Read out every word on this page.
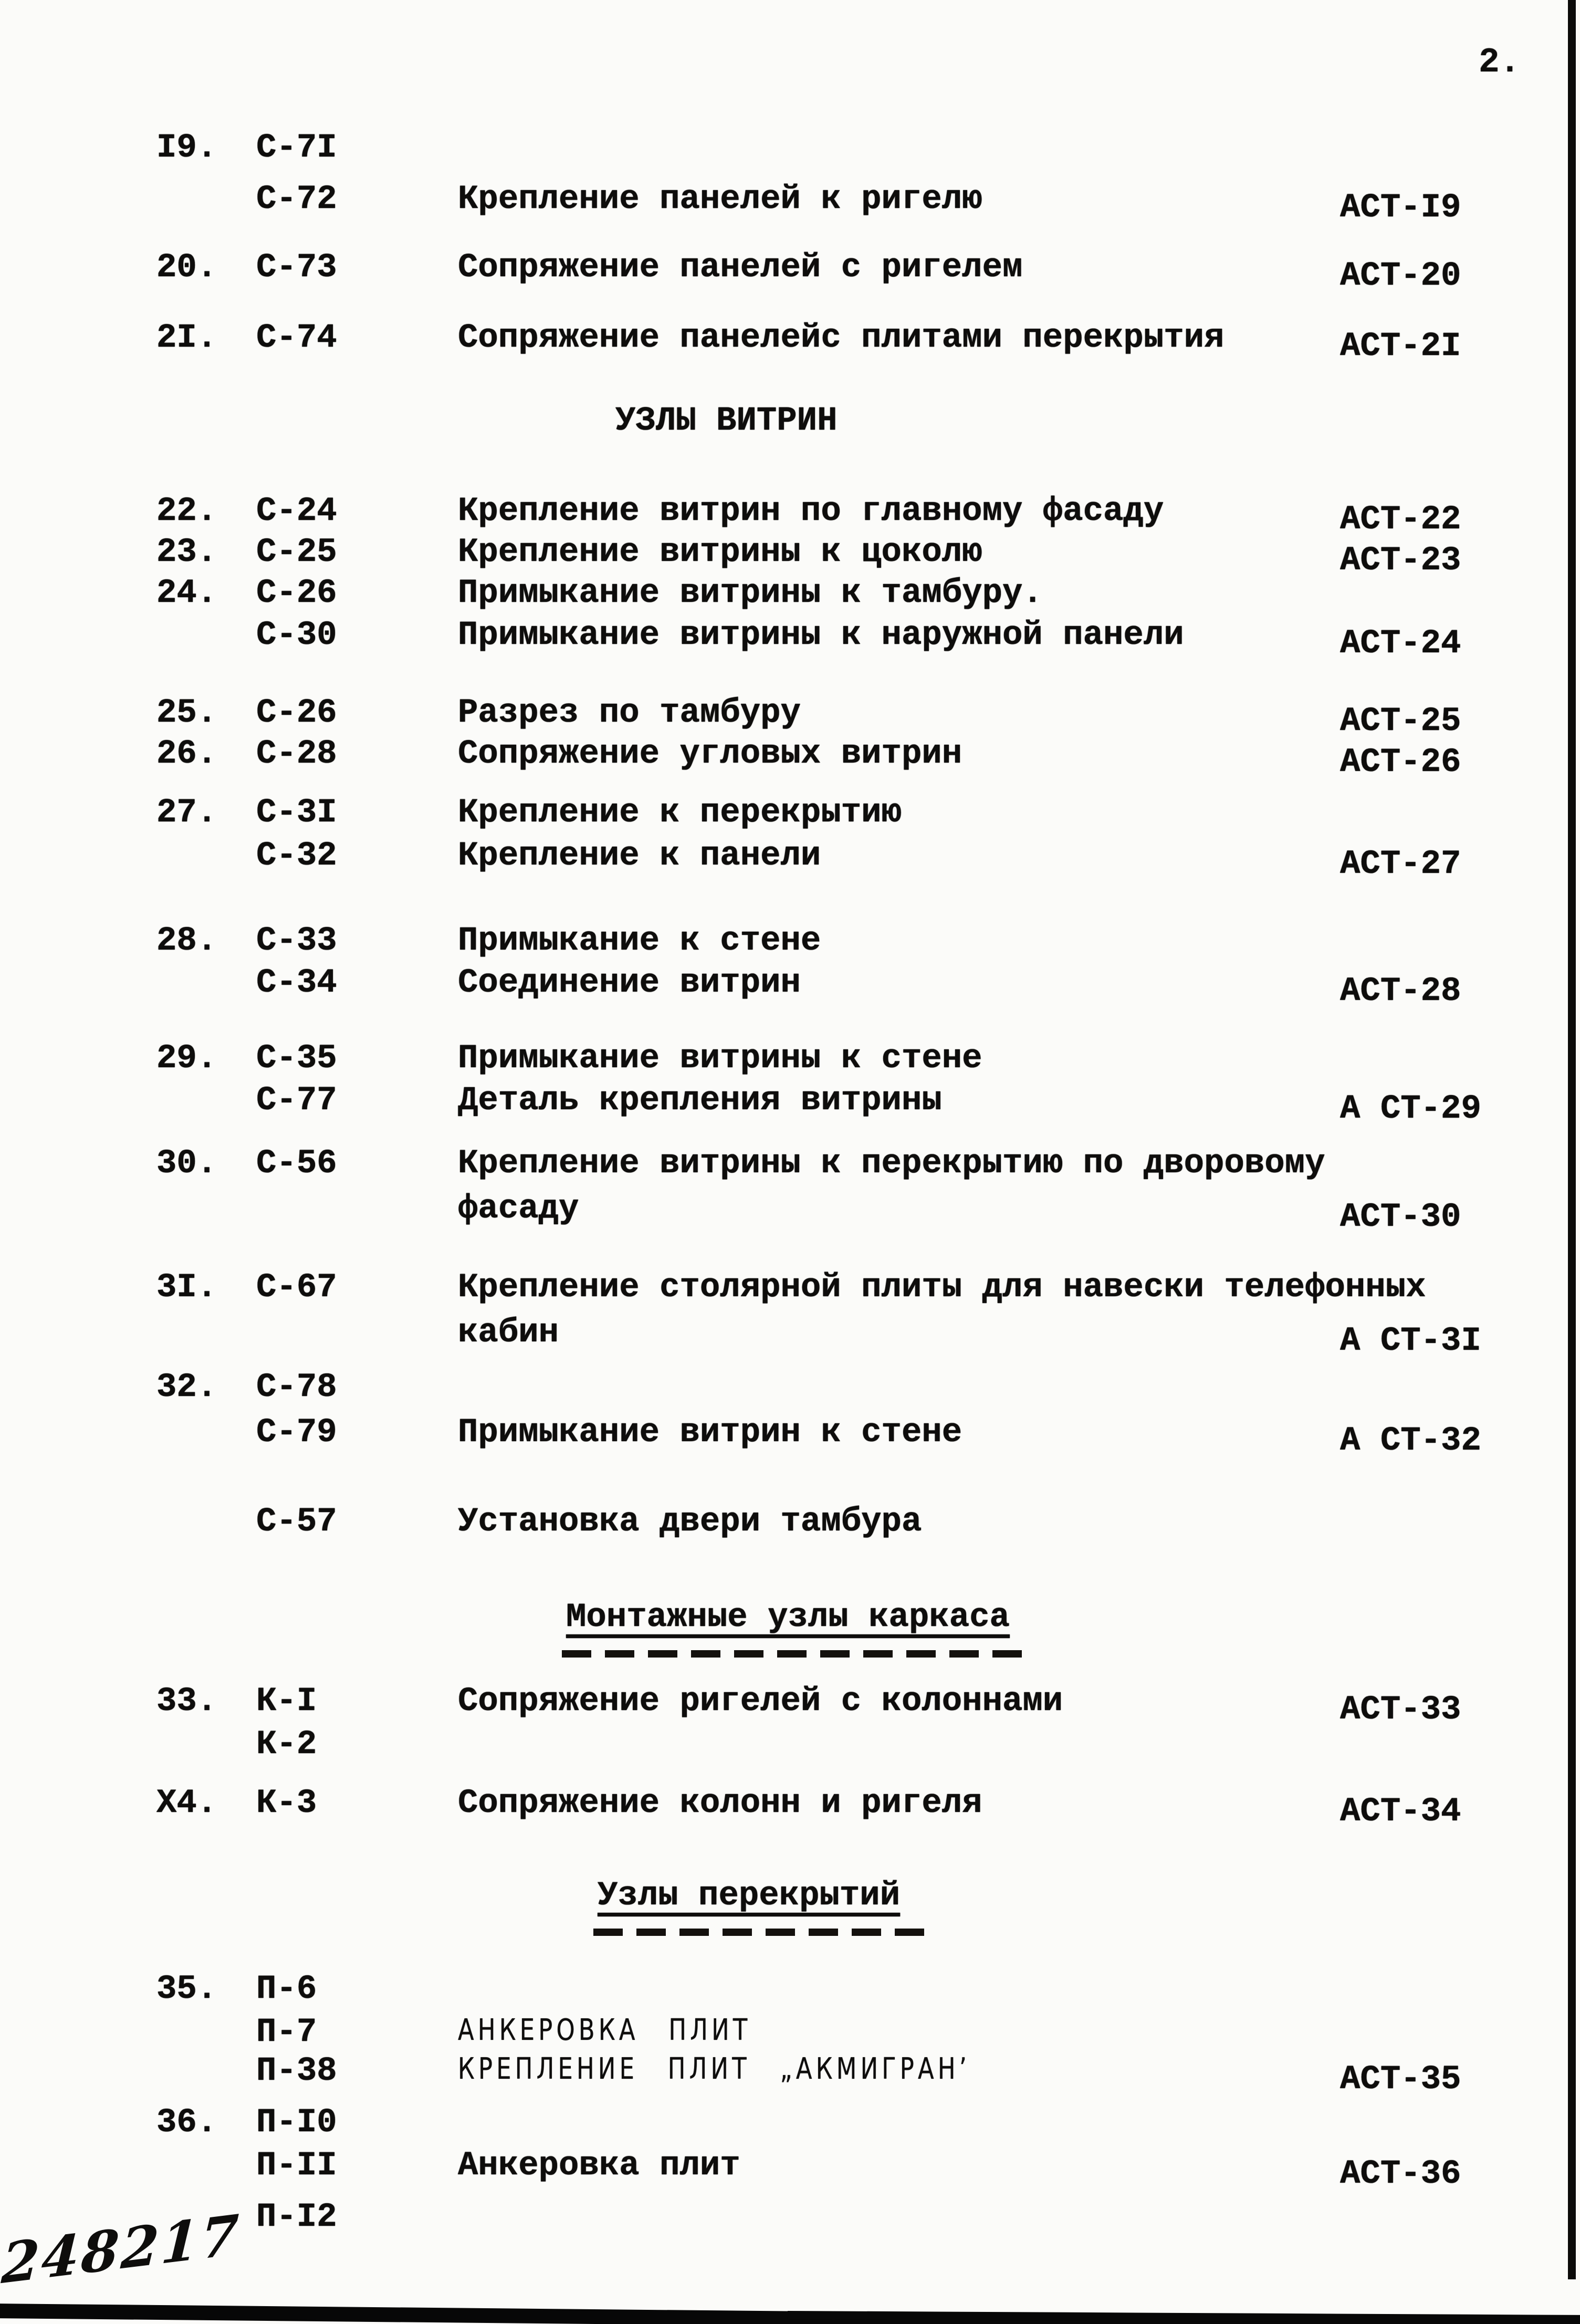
2.
I9. С-7I
С-72	Крепление панелей к ригелю	АСТ-I9
20. С-73	Сопряжение панелей с ригелем	АСТ-20
2I. С-74	Сопряжение панелейс плитами перекрытия	АСТ-2I
УЗЛЫ ВИТРИН
22. С-24	Крепление витрин по главному фасаду	АСТ-22
23. С-25	Крепление витрины к цоколю	АСТ-23
24. С-26	Примыкание витрины к тамбуру.
С-30	Примыкание витрины к наружной панели	АСТ-24
25. С-26	Разрез по тамбуру	АСТ-25
26. С-28	Сопряжение угловых витрин	АСТ-26
27. С-3I	Крепление к перекрытию
С-32	Крепление к панели	АСТ-27
28. С-33	Примыкание к стене
С-34	Соединение витрин	АСТ-28
29. С-35	Примыкание витрины к стене
С-77	Деталь крепления витрины	А СТ-29
30. С-56	Крепление витрины к перекрытию по дворовому
фасаду	АСТ-30
3I. С-67	Крепление столярной плиты для навески телефонных
кабин	А СТ-3I
32. С-78
С-79	Примыкание витрин к стене	А СТ-32
С-57	Установка двери тамбура
Монтажные узлы каркаса
33. К-I	Сопряжение ригелей с колоннами	АСТ-33
К-2
Х4. К-3	Сопряжение колонн и ригеля	АСТ-34
Узлы перекрытий
35. П-6
П-7	АНКЕРОВКА ПЛИТ
П-38	КРЕПЛЕНИЕ ПЛИТ „АКМИГРАН’	АСТ-35
36. П-I0
П-II	Анкеровка плит	АСТ-36
П-I2
248217
